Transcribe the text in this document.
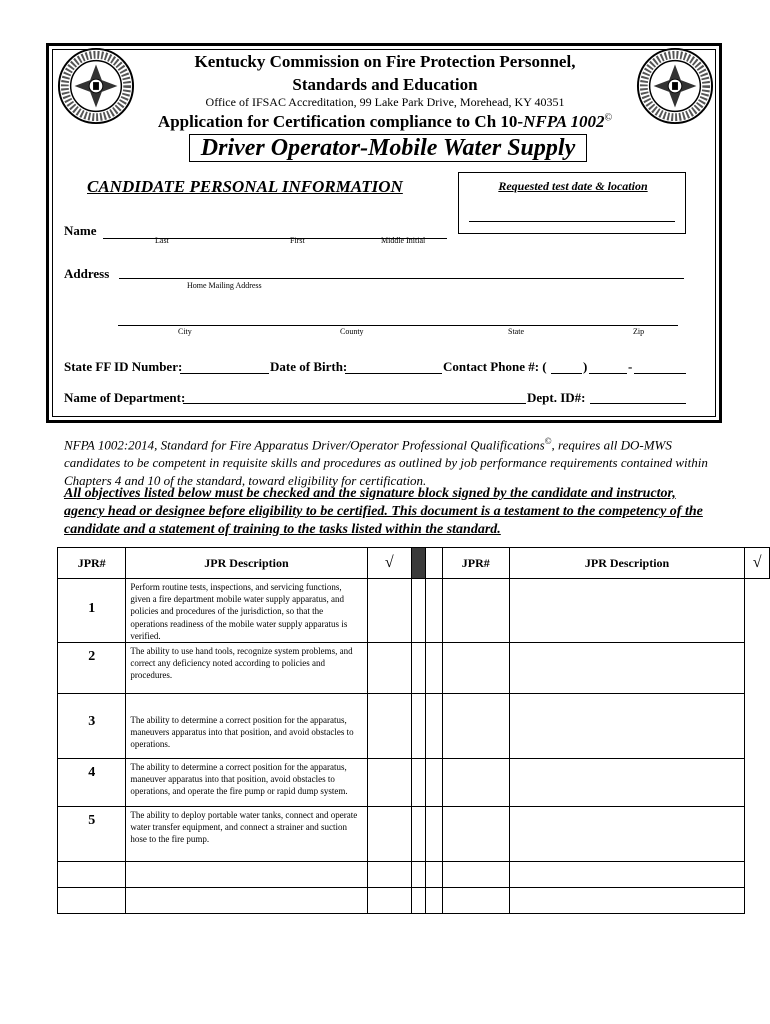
Kentucky Commission on Fire Protection Personnel,
Standards and Education
Office of IFSAC Accreditation, 99 Lake Park Drive, Morehead, KY 40351
Application for Certification compliance to Ch 10-NFPA 1002©
Driver Operator-Mobile Water Supply
CANDIDATE PERSONAL INFORMATION	Requested test date & location
Name
Last	First	Middle Initial
Address
Home Mailing Address
City	County	State	Zip
State FF ID Number:	Date of Birth:	Contact Phone #: (	)	-
Name of Department:	Dept. ID#:
NFPA 1002:2014, Standard for Fire Apparatus Driver/Operator Professional Qualifications©, requires all DO-MWS candidates to be competent in requisite skills and procedures as outlined by job performance requirements contained within Chapters 4 and 10 of the standard, toward eligibility for certification.
All objectives listed below must be checked and the signature block signed by the candidate and instructor, agency head or designee before eligibility to be certified. This document is a testament to the competency of the candidate and a statement of training to the tasks listed within the standard.
JPR#	JPR Description	√			JPR#	JPR Description	√
1	Perform routine tests, inspections, and servicing functions, given a fire department mobile water supply apparatus, and policies and procedures of the jurisdiction, so that the operations readiness of the mobile water supply apparatus is verified.						
2	The ability to use hand tools, recognize system problems, and correct any deficiency noted according to policies and procedures.						
3	The ability to determine a correct position for the apparatus, maneuvers apparatus into that position, and avoid obstacles to operations.						
4	The ability to determine a correct position for the apparatus, maneuver apparatus into that position, avoid obstacles to operations, and operate the fire pump or rapid dump system.						
5	The ability to deploy portable water tanks, connect and operate water transfer equipment, and connect a strainer and suction hose to the fire pump.						
